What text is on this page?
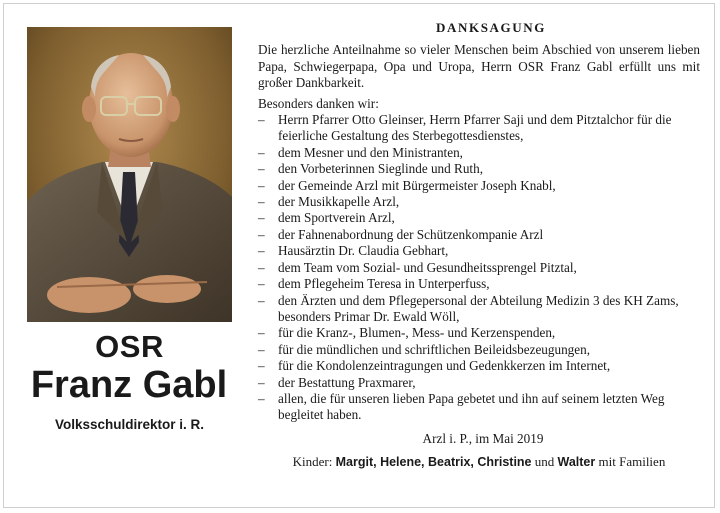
OSR
Franz Gabl
Volksschuldirektor i. R.
DANKSAGUNG

Die herzliche Anteilnahme so vieler Menschen beim Abschied von unserem lieben Papa, Schwiegerpapa, Opa und Uropa, Herrn OSR Franz Gabl erfüllt uns mit großer Dankbarkeit.

Besonders danken wir:

–	Herrn Pfarrer Otto Gleinser, Herrn Pfarrer Saji und dem Pitztalchor für die feierliche Gestaltung des Sterbegottesdienstes,
–	dem Mesner und den Ministranten,
–	den Vorbeterinnen Sieglinde und Ruth,
–	der Gemeinde Arzl mit Bürgermeister Joseph Knabl,
–	der Musikkapelle Arzl,
–	dem Sportverein Arzl,
–	der Fahnenabordnung der Schützenkompanie Arzl
–	Hausärztin Dr. Claudia Gebhart,
–	dem Team vom Sozial- und Gesundheitssprengel Pitztal,
–	dem Pflegeheim Teresa in Unterperfuss,
–	den Ärzten und dem Pflegepersonal der Abteilung Medizin 3 des KH Zams, besonders Primar Dr. Ewald Wöll,
–	für die Kranz-, Blumen-, Mess- und Kerzenspenden,
–	für die mündlichen und schriftlichen Beileidsbezeugungen,
–	für die Kondolenzeintragungen und Gedenkkerzen im Internet,
–	der Bestattung Praxmarer,
–	allen, die für unseren lieben Papa gebetet und ihn auf seinem letzten Weg begleitet haben.
Arzl i. P., im Mai 2019
Kinder: Margit, Helene, Beatrix, Christine und Walter mit Familien
